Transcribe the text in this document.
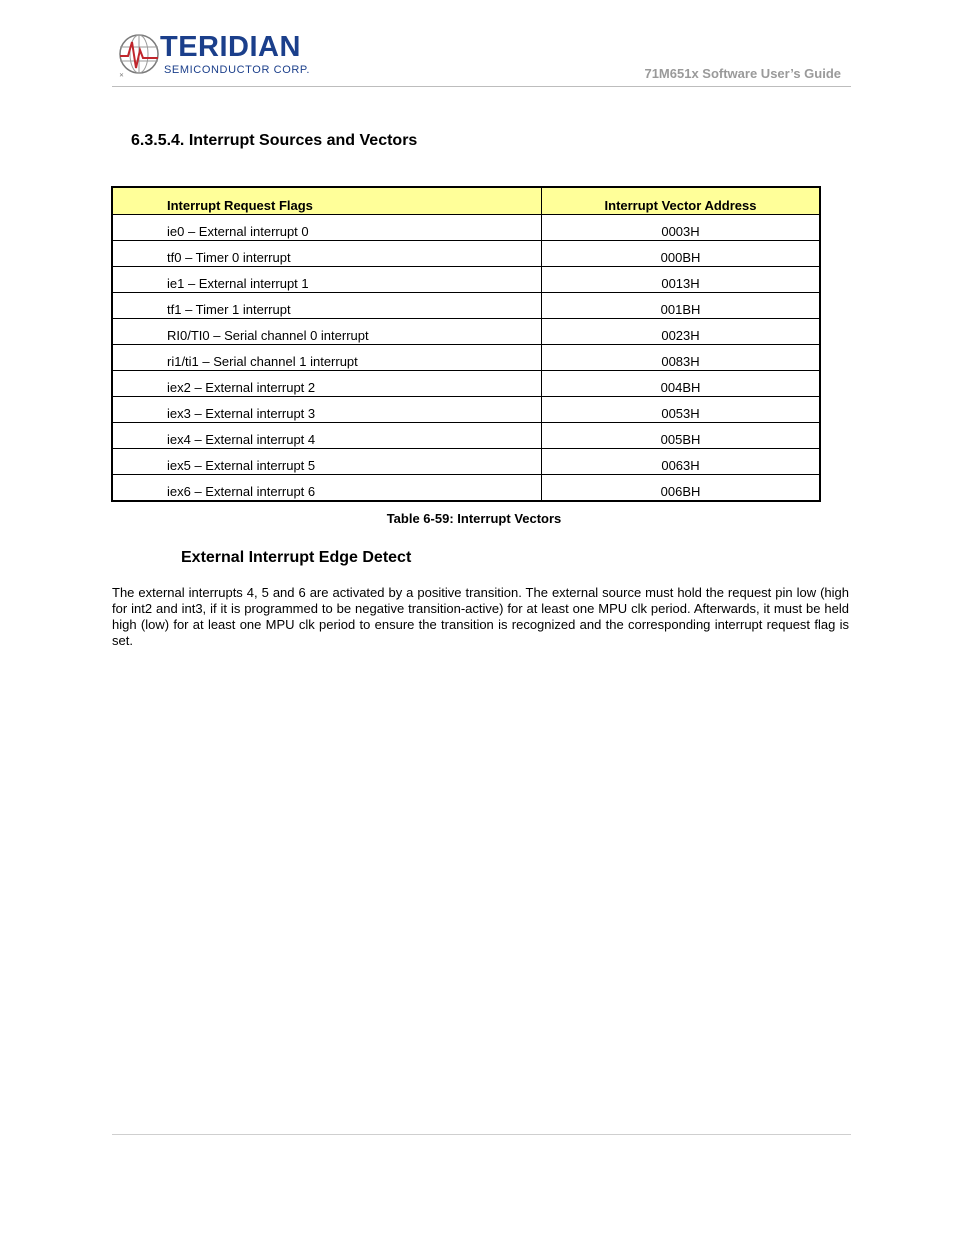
✕
TERIDIAN
SEMICONDUCTOR CORP.	71M651x Software User’s Guide
6.3.5.4. Interrupt Sources and Vectors
Interrupt Request Flags	Interrupt Vector Address
ie0 – External interrupt 0	0003H
tf0 – Timer 0 interrupt	000BH
ie1 – External interrupt 1	0013H
tf1 – Timer 1 interrupt	001BH
RI0/TI0 – Serial channel 0 interrupt	0023H
ri1/ti1 – Serial channel 1 interrupt	0083H
iex2 – External interrupt 2	004BH
iex3 – External interrupt 3	0053H
iex4 – External interrupt 4	005BH
iex5 – External interrupt 5	0063H
iex6 – External interrupt 6	006BH
Table 6-59: Interrupt Vectors
External Interrupt Edge Detect
The external interrupts 4, 5 and 6 are activated by a positive transition. The external source must hold the request pin low (high for int2 and int3, if it is programmed to be negative transition-active) for at least one MPU clk period. Afterwards, it must be held high (low) for at least one MPU clk period to ensure the transition is recognized and the corresponding interrupt request flag is set.
